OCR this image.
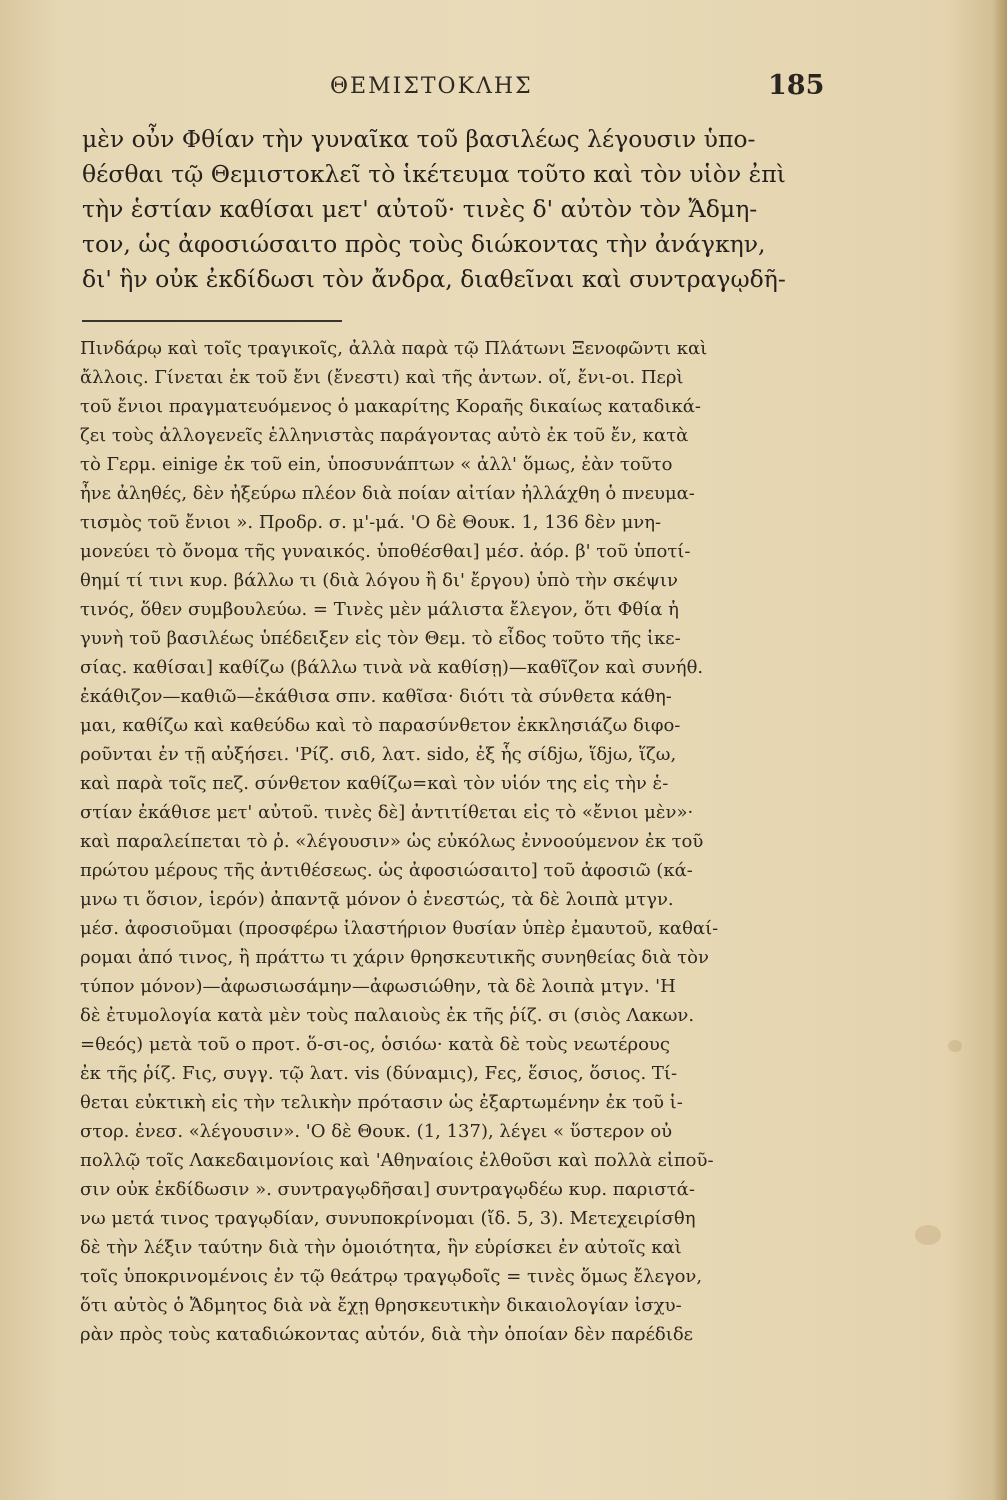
ΘΕΜΙΣΤΟΚΛΗΣ	185
μὲν οὖν Φθίαν τὴν γυναῖκα τοῦ βασιλέως λέγουσιν ὑπο-
θέσθαι τῷ Θεμιστοκλεῖ τὸ ἱκέτευμα τοῦτο καὶ τὸν υἱὸν ἐπὶ
τὴν ἑστίαν καθίσαι μετ' αὐτοῦ· τινὲς δ' αὐτὸν τὸν Ἄδμη-
τον, ὡς ἀφοσιώσαιτο πρὸς τοὺς διώκοντας τὴν ἀνάγκην,
δι' ἣν οὐκ ἐκδίδωσι τὸν ἄνδρα, διαθεῖναι καὶ συντραγῳδῆ-
Πινδάρῳ καὶ τοῖς τραγικοῖς, ἀλλὰ παρὰ τῷ Πλάτωνι Ξενοφῶντι καὶ
ἄλλοις. Γίνεται ἐκ τοῦ ἔνι (ἔνεστι) καὶ τῆς ἀντων. οἵ, ἔνι-οι. Περὶ
τοῦ ἔνιοι πραγματευόμενος ὁ μακαρίτης Κοραῆς δικαίως καταδικά-
ζει τοὺς ἀλλογενεῖς ἑλληνιστὰς παράγοντας αὐτὸ ἐκ τοῦ ἔν, κατὰ
τὸ Γερμ. einige ἐκ τοῦ ein, ὑποσυνάπτων « ἀλλ' ὅμως, ἐὰν τοῦτο
ἦνε ἀληθές, δὲν ἠξεύρω πλέον διὰ ποίαν αἰτίαν ἠλλάχθη ὁ πνευμα-
τισμὸς τοῦ ἔνιοι ». Προδρ. σ. μ'-μά. 'Ο δὲ Θουκ. 1, 136 δὲν μνη-
μονεύει τὸ ὄνομα τῆς γυναικός. ὑποθέσθαι] μέσ. ἀόρ. β' τοῦ ὑποτί-
θημί τί τινι κυρ. βάλλω τι (διὰ λόγου ἢ δι' ἔργου) ὑπὸ τὴν σκέψιν
τινός, ὅθεν συμβουλεύω. = Τινὲς μὲν μάλιστα ἔλεγον, ὅτι Φθία ἡ
γυνὴ τοῦ βασιλέως ὑπέδειξεν εἰς τὸν Θεμ. τὸ εἶδος τοῦτο τῆς ἱκε-
σίας. καθίσαι] καθίζω (βάλλω τινὰ νὰ καθίσῃ)—καθῖζον καὶ συνήθ.
ἐκάθιζον—καθιῶ—ἐκάθισα σπν. καθῖσα· διότι τὰ σύνθετα κάθη-
μαι, καθίζω καὶ καθεύδω καὶ τὸ παρασύνθετον ἐκκλησιάζω διφο-
ροῦνται ἐν τῇ αὐξήσει. 'Ρίζ. σιδ, λατ. sido, ἐξ ἧς σίδjω, ἵδjω, ἵζω,
καὶ παρὰ τοῖς πεζ. σύνθετον καθίζω=καὶ τὸν υἱόν της εἰς τὴν ἑ-
στίαν ἐκάθισε μετ' αὐτοῦ. τινὲς δὲ] ἀντιτίθεται εἰς τὸ «ἔνιοι μὲν»·
καὶ παραλείπεται τὸ ῥ. «λέγουσιν» ὡς εὐκόλως ἐννοούμενον ἐκ τοῦ
πρώτου μέρους τῆς ἀντιθέσεως. ὡς ἀφοσιώσαιτο] τοῦ ἀφοσιῶ (κά-
μνω τι ὅσιον, ἱερόν) ἀπαντᾷ μόνον ὁ ἐνεστώς, τὰ δὲ λοιπὰ μτγν.
μέσ. ἀφοσιοῦμαι (προσφέρω ἱλαστήριον θυσίαν ὑπὲρ ἐμαυτοῦ, καθαί-
ρομαι ἀπό τινος, ἢ πράττω τι χάριν θρησκευτικῆς συνηθείας διὰ τὸν
τύπον μόνον)—ἀφωσιωσάμην—ἀφωσιώθην, τὰ δὲ λοιπὰ μτγν. 'Η
δὲ ἐτυμολογία κατὰ μὲν τοὺς παλαιοὺς ἐκ τῆς ῥίζ. σι (σιὸς Λακων.
=θεός) μετὰ τοῦ ο προτ. ὅ-σι-ος, ὁσιόω· κατὰ δὲ τοὺς νεωτέρους
ἐκ τῆς ῥίζ. Fις, συγγ. τῷ λατ. vis (δύναμις), Fες, ἕσιος, ὅσιος. Τί-
θεται εὐκτικὴ εἰς τὴν τελικὴν πρότασιν ὡς ἐξαρτωμένην ἐκ τοῦ ἱ-
στορ. ἐνεσ. «λέγουσιν». 'Ο δὲ Θουκ. (1, 137), λέγει « ὕστερον οὐ
πολλῷ τοῖς Λακεδαιμονίοις καὶ 'Αθηναίοις ἐλθοῦσι καὶ πολλὰ εἰποῦ-
σιν οὐκ ἐκδίδωσιν ». συντραγῳδῆσαι] συντραγῳδέω κυρ. παριστά-
νω μετά τινος τραγῳδίαν, συνυποκρίνομαι (ἴδ. 5, 3). Μετεχειρίσθη
δὲ τὴν λέξιν ταύτην διὰ τὴν ὁμοιότητα, ἣν εὑρίσκει ἐν αὐτοῖς καὶ
τοῖς ὑποκρινομένοις ἐν τῷ θεάτρῳ τραγῳδοῖς = τινὲς ὅμως ἔλεγον,
ὅτι αὐτὸς ὁ Ἄδμητος διὰ νὰ ἔχῃ θρησκευτικὴν δικαιολογίαν ἰσχυ-
ρὰν πρὸς τοὺς καταδιώκοντας αὐτόν, διὰ τὴν ὁποίαν δὲν παρέδιδε
